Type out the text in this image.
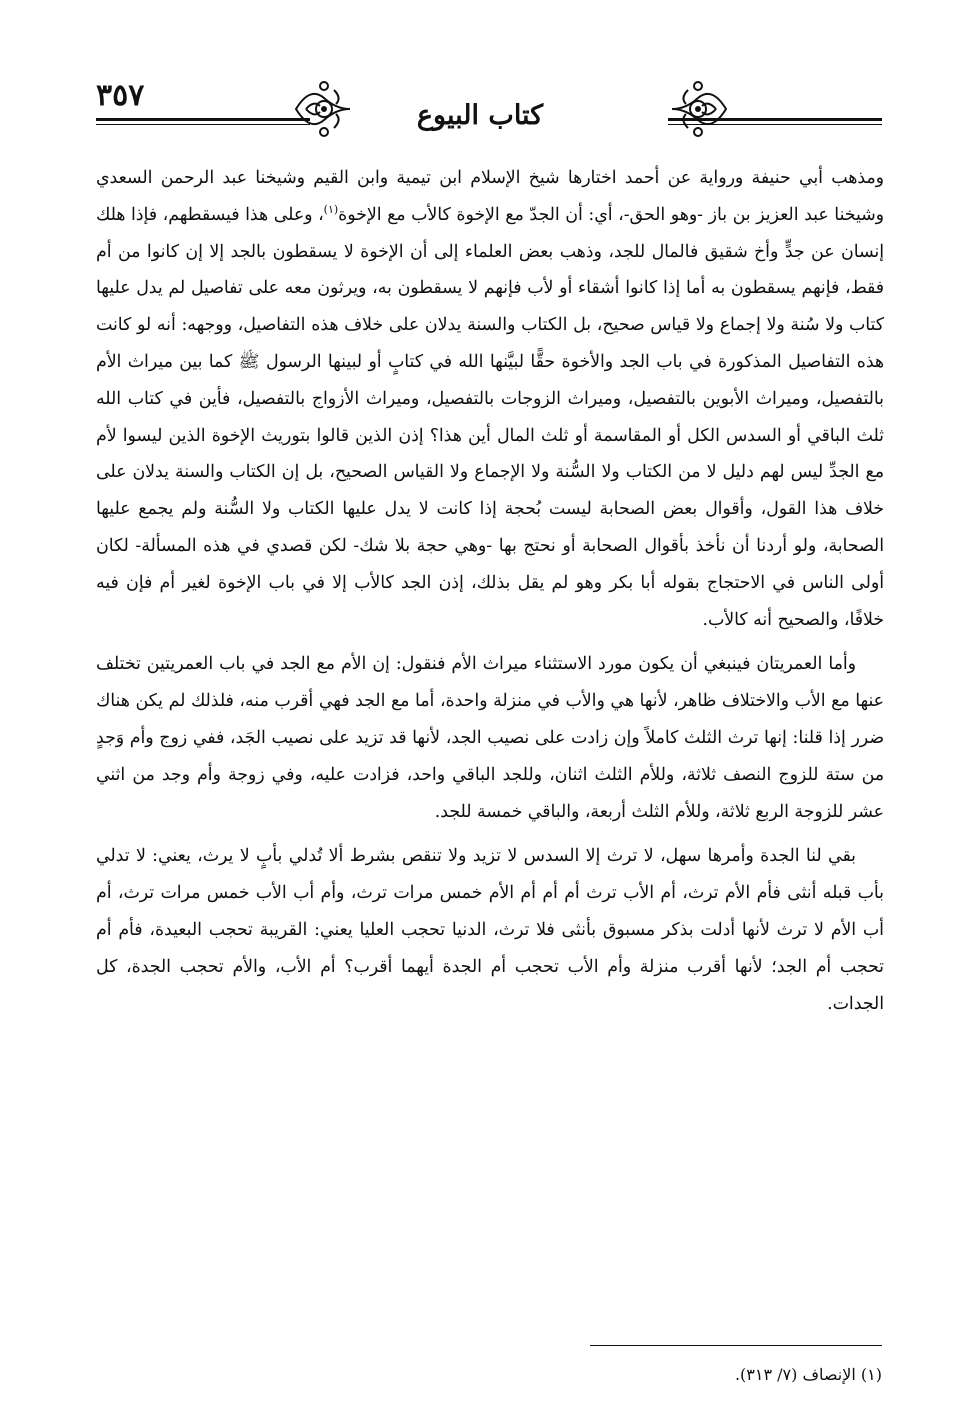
٣٥٧
كتاب البيوع

ومذهب أبي حنيفة ورواية عن أحمد اختارها شيخ الإسلام ابن تيمية وابن القيم وشيخنا عبد الرحمن السعدي وشيخنا عبد العزيز بن باز -وهو الحق-، أي: أن الجدّ مع الإخوة كالأب مع الإخوة$^{(١)}$، وعلى هذا فيسقطهم، فإذا هلك إنسان عن جدٍّ وأخ شقيق فالمال للجد، وذهب بعض العلماء إلى أن الإخوة لا يسقطون بالجد إلا إن كانوا من أم فقط، فإنهم يسقطون به أما إذا كانوا أشقاء أو لأب فإنهم لا يسقطون به، ويرثون معه على تفاصيل لم يدل عليها كتاب ولا سُنة ولا إجماع ولا قياس صحيح، بل الكتاب والسنة يدلان على خلاف هذه التفاصيل، ووجهه: أنه لو كانت هذه التفاصيل المذكورة في باب الجد والأخوة حقًّا لبيَّنها الله في كتابٍ أو لبينها الرسول ﷺ كما بين ميراث الأم بالتفصيل، وميراث الأبوين بالتفصيل، وميراث الزوجات بالتفصيل، وميراث الأزواج بالتفصيل، فأين في كتاب الله ثلث الباقي أو السدس الكل أو المقاسمة أو ثلث المال أين هذا؟ إذن الذين قالوا بتوريث الإخوة الذين ليسوا لأم مع الجدِّ ليس لهم دليل لا من الكتاب ولا السُّنة ولا الإجماع ولا القياس الصحيح، بل إن الكتاب والسنة يدلان على خلاف هذا القول، وأقوال بعض الصحابة ليست بُحجة إذا كانت لا يدل عليها الكتاب ولا السُّنة ولم يجمع عليها الصحابة، ولو أردنا أن نأخذ بأقوال الصحابة أو نحتج بها -وهي حجة بلا شك- لكن قصدي في هذه المسألة- لكان أولى الناس في الاحتجاج بقوله أبا بكر وهو لم يقل بذلك، إذن الجد كالأب إلا في باب الإخوة لغير أم فإن فيه خلافًا، والصحيح أنه كالأب.

وأما العمريتان فينبغي أن يكون مورد الاستثناء ميراث الأم فنقول: إن الأم مع الجد في باب العمريتين تختلف عنها مع الأب والاختلاف ظاهر، لأنها هي والأب في منزلة واحدة، أما مع الجد فهي أقرب منه، فلذلك لم يكن هناك ضرر إذا قلنا: إنها ترث الثلث كاملاً وإن زادت على نصيب الجد، لأنها قد تزيد على نصيب الجَد، ففي زوج وأم وَجدٍ من ستة للزوج النصف ثلاثة، وللأم الثلث اثنان، وللجد الباقي واحد، فزادت عليه، وفي زوجة وأم وجد من اثني عشر للزوجة الربع ثلاثة، وللأم الثلث أربعة، والباقي خمسة للجد.

بقي لنا الجدة وأمرها سهل، لا ترث إلا السدس لا تزيد ولا تنقص بشرط ألا تُدلي بأبٍ لا يرث، يعني: لا تدلي بأب قبله أنثى فأم الأم ترث، أم الأب ترث أم أم أم الأم خمس مرات ترث، وأم أب الأب خمس مرات ترث، أم أب الأم لا ترث لأنها أدلت بذكر مسبوق بأنثى فلا ترث، الدنيا تحجب العليا يعني: القريبة تحجب البعيدة، فأم أم تحجب أم الجد؛ لأنها أقرب منزلة وأم الأب تحجب أم الجدة أيهما أقرب؟ أم الأب، والأم تحجب الجدة، كل الجدات.

(١) الإنصاف (٧/ ٣١٣).
